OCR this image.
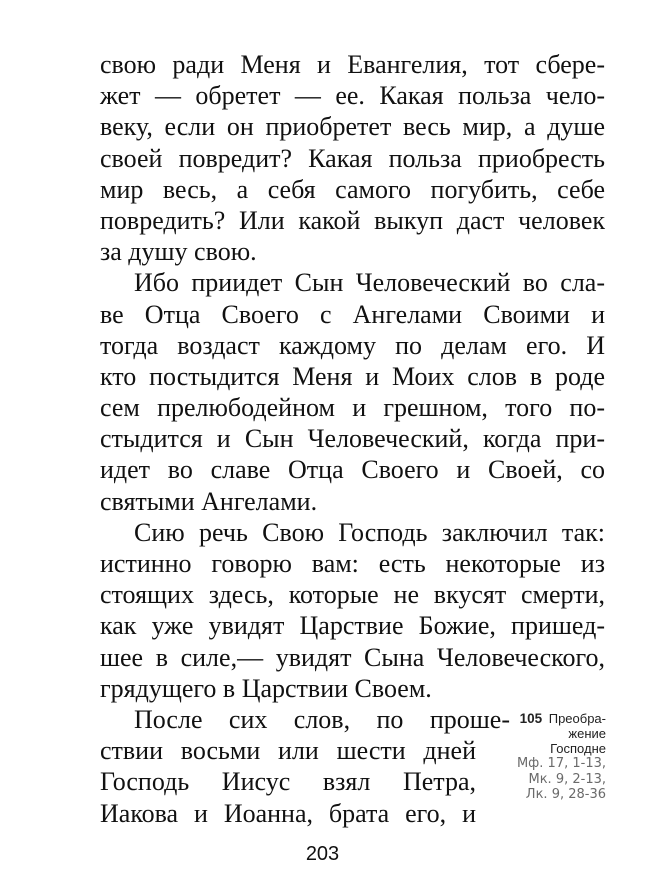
свою ради Меня и Евангелия, тот сбере-
жет — обретет — ее. Какая польза чело-
веку, если он приобретет весь мир, а душе
своей повредит? Какая польза приобресть
мир весь, а себя самого погубить, себе
повредить? Или какой выкуп даст человек
за душу свою.
Ибо приидет Сын Человеческий во сла-
ве Отца Своего с Ангелами Своими и
тогда воздаст каждому по делам его. И
кто постыдится Меня и Моих слов в роде
сем прелюбодейном и грешном, того по-
стыдится и Сын Человеческий, когда при-
идет во славе Отца Своего и Своей, со
святыми Ангелами.
Сию речь Свою Господь заключил так:
истинно говорю вам: есть некоторые из
стоящих здесь, которые не вкусят смерти,
как уже увидят Царствие Божие, пришед-
шее в силе,— увидят Сына Человеческого,
грядущего в Царствии Своем.
После сих слов, по проше-
ствии восьми или шести дней
Господь Иисус взял Петра,
Иакова и Иоанна, брата его, и
105 Преобра-
жение
Господне
Мф. 17, 1-13,
Мк. 9, 2-13,
Лк. 9, 28-36
203
